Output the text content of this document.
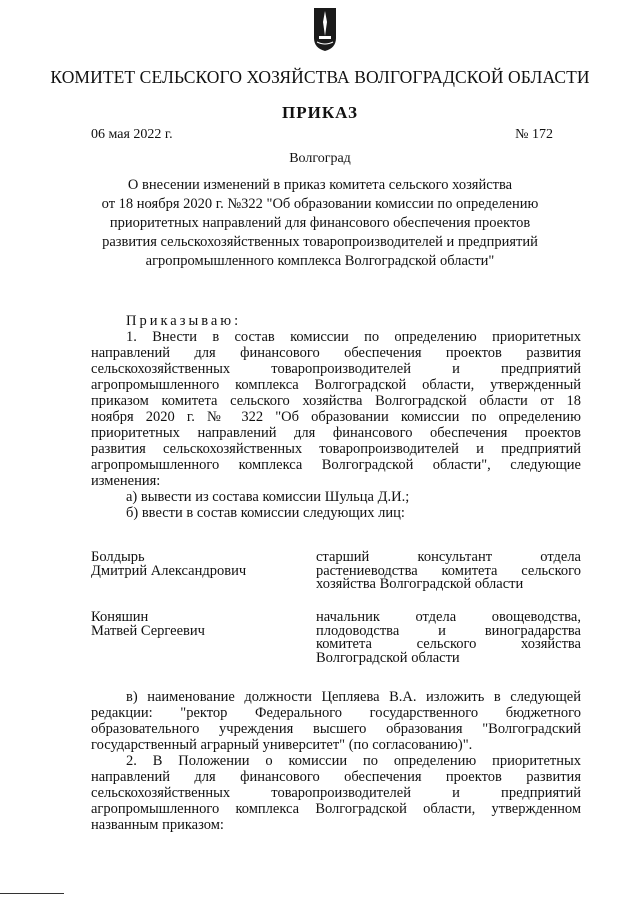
КОМИТЕТ СЕЛЬСКОГО ХОЗЯЙСТВА ВОЛГОГРАДСКОЙ ОБЛАСТИ
ПРИКАЗ
06 мая 2022 г.	№ 172
Волгоград
О внесении изменений в приказ комитета сельского хозяйства
от 18 ноября 2020 г. №322 "Об образовании комиссии по определению
приоритетных направлений для финансового обеспечения проектов
развития сельскохозяйственных товаропроизводителей и предприятий
агропромышленного комплекса Волгоградской области"
Приказываю:
1. Внести в состав комиссии по определению приоритетных
направлений для финансового обеспечения проектов развития
сельскохозяйственных товаропроизводителей и предприятий
агропромышленного комплекса Волгоградской области, утвержденный
приказом комитета сельского хозяйства Волгоградской области от 18
ноября 2020 г. № 322 "Об образовании комиссии по определению
приоритетных направлений для финансового обеспечения проектов
развития сельскохозяйственных товаропроизводителей и предприятий
агропромышленного комплекса Волгоградской области", следующие
изменения:
а) вывести из состава комиссии Шульца Д.И.;
б) ввести в состав комиссии следующих лиц:
Болдырь
Дмитрий Александрович
старший консультант отдела
растениеводства комитета сельского
хозяйства Волгоградской области
Коняшин
Матвей Сергеевич
начальник отдела овощеводства,
плодоводства и виноградарства
комитета сельского хозяйства
Волгоградской области
в) наименование должности Цепляева В.А. изложить в следующей
редакции: "ректор Федерального государственного бюджетного
образовательного учреждения высшего образования "Волгоградский
государственный аграрный университет" (по согласованию)".
2. В Положении о комиссии по определению приоритетных
направлений для финансового обеспечения проектов развития
сельскохозяйственных товаропроизводителей и предприятий
агропромышленного комплекса Волгоградской области, утвержденном
названным приказом:
